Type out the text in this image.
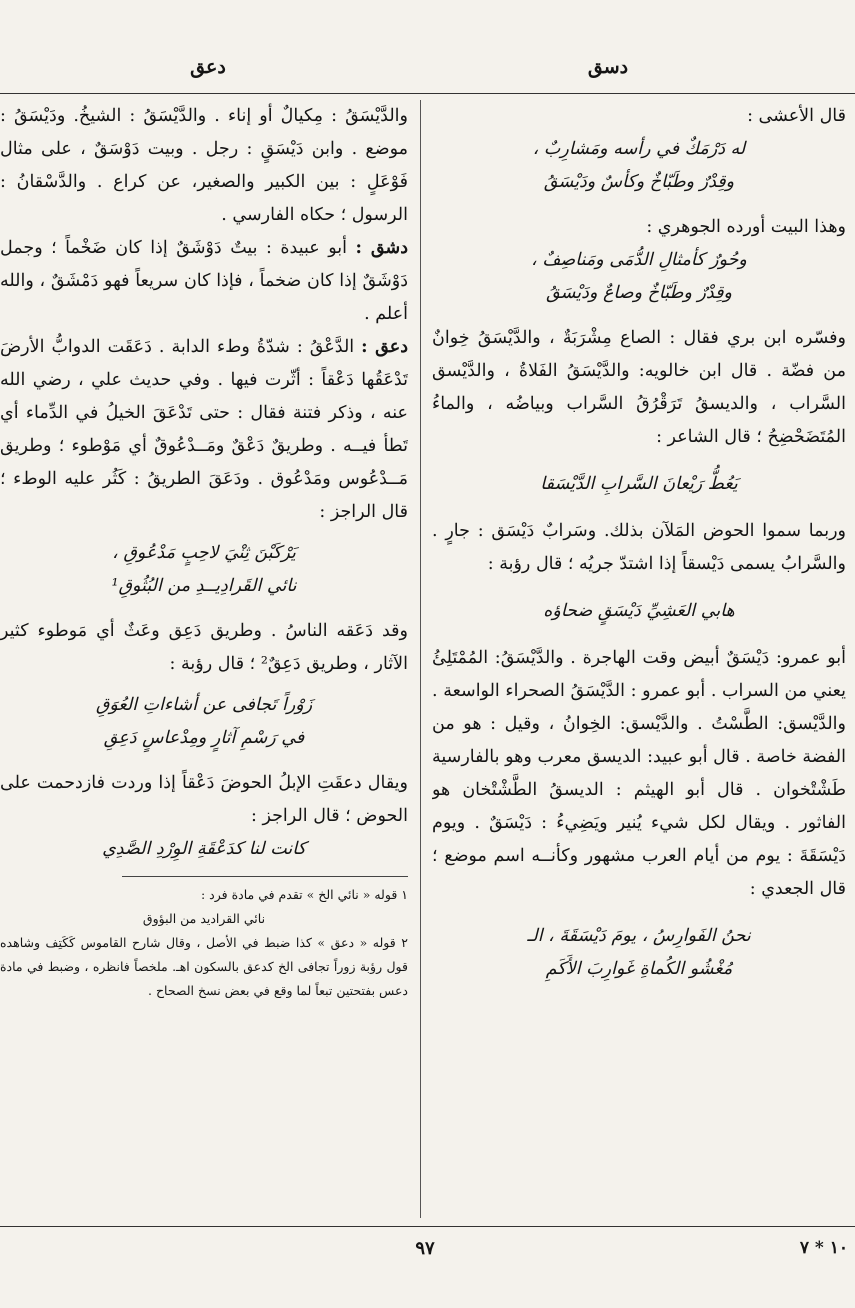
دسق
دعق

قال الأعشى :

له دَرْمَكٌ في رأسه ومَشارِبٌ ،

وقِدْرٌ وطَبّاخٌ وكأسٌ ودَيْسَقُ

وهذا البيت أورده الجوهري :

وحُورٌ كأمثالِ الدُّمَى ومَناصِفٌ ،

وقِدْرٌ وطَبّاخٌ وصاعٌ ودَيْسَقُ

وفسّره ابن بري فقال : الصاع مِشْرَبَةٌ ، والدَّيْسَقُ خِوانٌ من فضّة . قال ابن خالويه: والدَّيْسَقُ الفَلاةُ ، والدَّيْسق السَّراب ، والديسقُ تَرَقْرُقُ السَّراب وبياضُه ، والماءُ المُتَضَحْضِحُ ؛ قال الشاعر :

يَعُطُّ رَيْعانَ السَّرابِ الدَّيْسَقا

وربما سموا الحوض المَلآن بذلك. وسَرابٌ دَيْسَق : جارٍ . والسَّرابُ يسمى دَيْسقاً إذا اشتدّ جريُه ؛ قال رؤبة :

هابي العَشِيِّ دَيْسَقٍ ضحاؤه

أبو عمرو: دَيْسَقٌ أبيض وقت الهاجرة . والدَّيْسَقُ: المُمْتَلِئُ يعني من السراب . أبو عمرو : الدَّيْسَقُ الصحراء الواسعة . والدَّيْسق: الطَّسْتُ . والدَّيْسق: الخِوانُ ، وقيل : هو من الفضة خاصة . قال أبو عبيد: الديسق معرب وهو بالفارسية طَشْتْخوان . قال أبو الهيثم : الديسقُ الطَّشْتْخان هو الفاثور . ويقال لكل شيء يُنير ويَضِيءُ : دَيْسَقٌ . ويوم دَيْسَقَةَ : يوم من أيام العرب مشهور وكأنــه اسم موضع ؛ قال الجعدي :

نحنُ الفَوارِسُ ، يومَ دَيْسَقَةَ ، الـ

مُغْشُو الكُماةِ غَوارِبَ الأَكَمِ

والدَّيْسَقُ : مِكيالٌ أو إناء . والدَّيْسَقُ : الشيخُ. ودَيْسَقُ : موضع . وابن دَيْسَقٍ : رجل . وبيت دَوْسَقٌ ، على مثال فَوْعَلٍ : بين الكبير والصغير، عن كراع . والدَّسْقانُ : الرسول ؛ حكاه الفارسي .

دشق : أبو عبيدة : بيتٌ دَوْشَقٌ إذا كان ضَخْماً ؛ وجمل دَوْشَقٌ إذا كان ضخماً ، فإذا كان سريعاً فهو دَمْشَقٌ ، والله أعلم .

دعق : الدَّعْقُ : شدّةُ وطء الدابة . دَعَقَت الدوابُّ الأرضَ تَدْعَقُها دَعْقاً : أثّرت فيها . وفي حديث علي ، رضي الله عنه ، وذكر فتنة فقال : حتى تَدْعَقَ الخيلُ في الدِّماء أي تَطأ فيــه . وطريقٌ دَعْقٌ ومَــدْعُوقٌ أي مَوْطوء ؛ وطريق مَــدْعُوس ومَدْعُوق . ودَعَقَ الطريقُ : كَثُر عليه الوطء ؛ قال الراجز :

يَرْكَبْنَ ثِنْيَ لاحِبٍ مَدْعُوقِ ،

نائي القَرادِيــدِ من البُثُوقِ¹

وقد دَعَقه الناسُ . وطريق دَعِق وعَثٌ أي مَوطوء كثير الآثار ، وطريق دَعِقٌ² ؛ قال رؤبة :

زَوْراً تَجافى عن أشاءاتِ العُوَقِ

في رَسْمِ آثارٍ ومِدْعاسٍ دَعِقِ

ويقال دعقَتِ الإبلُ الحوضَ دَعْقاً إذا وردت فازدحمت على الحوض ؛ قال الراجز :

كانت لنا كدَعْقَةِ الوِرْدِ الصَّدِي

١ قوله « نائي الخ » تقدم في مادة فرد :

نائي القراديد من البؤوق

٢ قوله « دعق » كذا ضبط في الأصل ، وقال شارح القاموس كَكَتِف وشاهده قول رؤبة زوراً تجافى الخ كدعق بالسكون اهـ. ملخصاً فانظره ، وضبط في مادة دعس بفتحتين تبعاً لما وقع في بعض نسخ الصحاح .

٩٧	١٠ * ٧
